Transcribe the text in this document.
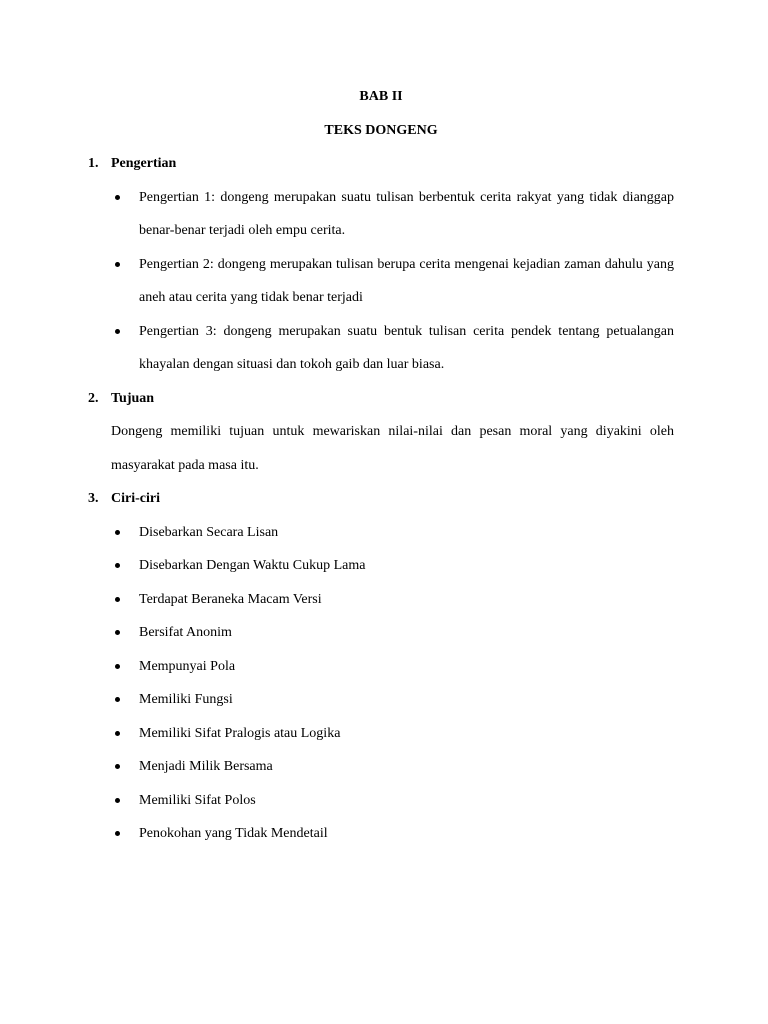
BAB II

TEKS DONGENG

1. Pengertian
Pengertian 1: dongeng merupakan suatu tulisan berbentuk cerita rakyat yang tidak dianggap benar-benar terjadi oleh empu cerita.
Pengertian 2: dongeng merupakan tulisan berupa cerita mengenai kejadian zaman dahulu yang aneh atau cerita yang tidak benar terjadi
Pengertian 3: dongeng merupakan suatu bentuk tulisan cerita pendek tentang petualangan khayalan dengan situasi dan tokoh gaib dan luar biasa.
2. Tujuan

Dongeng memiliki tujuan untuk mewariskan nilai-nilai dan pesan moral yang diyakini oleh masyarakat pada masa itu.

3. Ciri-ciri
Disebarkan Secara Lisan
Disebarkan Dengan Waktu Cukup Lama
Terdapat Beraneka Macam Versi
Bersifat Anonim
Mempunyai Pola
Memiliki Fungsi
Memiliki Sifat Pralogis atau Logika
Menjadi Milik Bersama
Memiliki Sifat Polos
Penokohan yang Tidak Mendetail
